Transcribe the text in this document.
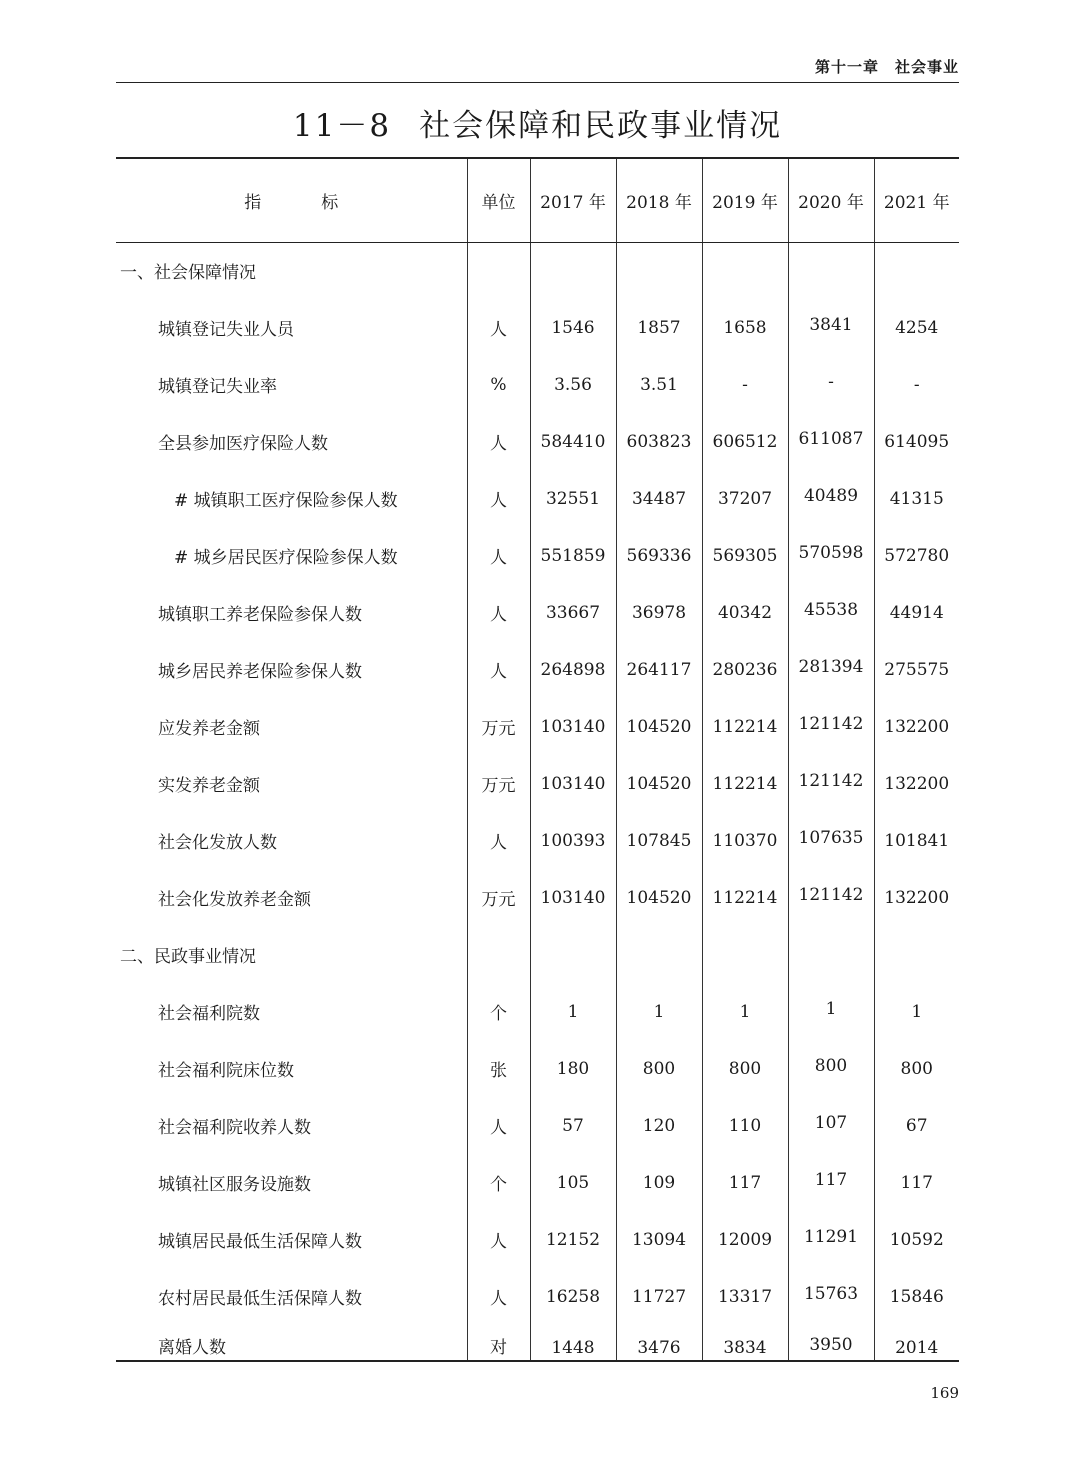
第十一章　社会事业
11－8 社会保障和民政事业情况
指标	单位	2017 年	2018 年	2019 年	2020 年	2021 年
一、社会保障情况						
城镇登记失业人员	人	1546	1857	1658	3841	4254
城镇登记失业率	%	3.56	3.51	-	-	-
全县参加医疗保险人数	人	584410	603823	606512	611087	614095
# 城镇职工医疗保险参保人数	人	32551	34487	37207	40489	41315
# 城乡居民医疗保险参保人数	人	551859	569336	569305	570598	572780
城镇职工养老保险参保人数	人	33667	36978	40342	45538	44914
城乡居民养老保险参保人数	人	264898	264117	280236	281394	275575
应发养老金额	万元	103140	104520	112214	121142	132200
实发养老金额	万元	103140	104520	112214	121142	132200
社会化发放人数	人	100393	107845	110370	107635	101841
社会化发放养老金额	万元	103140	104520	112214	121142	132200
二、民政事业情况						
社会福利院数	个	1	1	1	1	1
社会福利院床位数	张	180	800	800	800	800
社会福利院收养人数	人	57	120	110	107	67
城镇社区服务设施数	个	105	109	117	117	117
城镇居民最低生活保障人数	人	12152	13094	12009	11291	10592
农村居民最低生活保障人数	人	16258	11727	13317	15763	15846
离婚人数	对	1448	3476	3834	3950	2014
169
